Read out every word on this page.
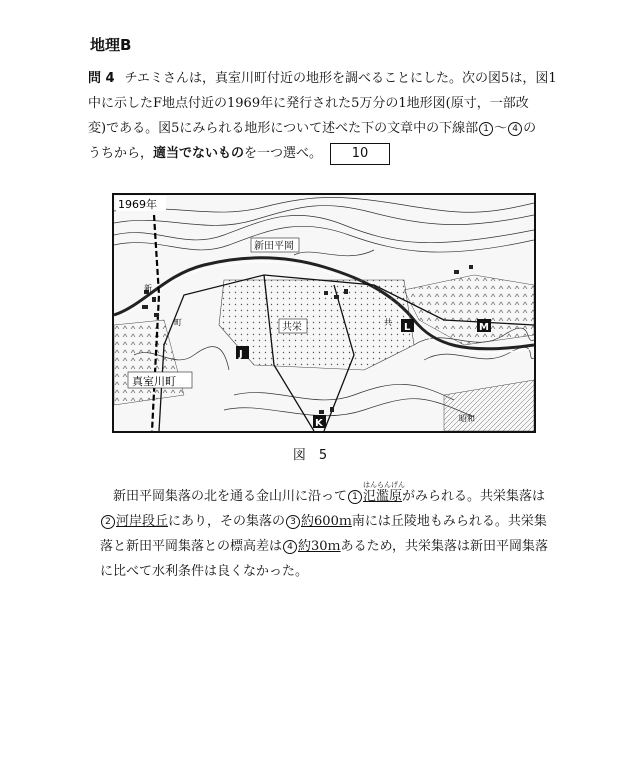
地理B
問 4 チエミさんは，真室川町付近の地形を調べることにした。次の図5は，図1
中に示したF地点付近の1969年に発行された5万分の1地形図(原寸，一部改
変)である。図5にみられる地形について述べた下の文章中の下線部 1 ～ 4 の
うちから，適当でないものを一つ選べ。 10
1969年
新田平岡
共栄
真室川町
新
共
町
昭和
J
K
L	M
図　5
　新田平岡集落の北を通る金山川に沿って 1
はんらんげん
氾濫原がみられる。共栄集落は
2 河岸段丘にあり，その集落の 3 約600ｍ南には丘陵地もみられる。共栄集
落と新田平岡集落との標高差は 4 約30ｍあるため，共栄集落は新田平岡集落
に比べて水利条件は良くなかった。
